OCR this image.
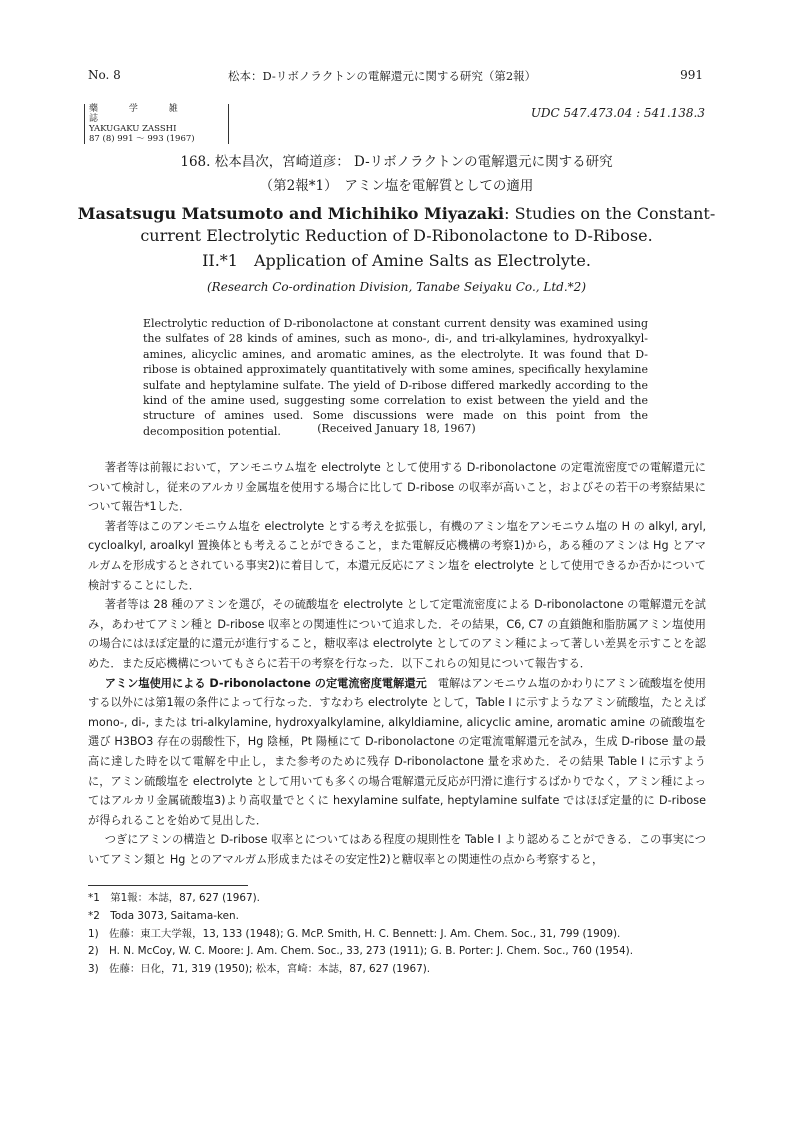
No. 8	松本：D-リボノラクトンの電解還元に関する研究（第2報）	991
藥 学 雑 誌
YAKUGAKU ZASSHI
87 (8) 991 ～ 993 (1967)
UDC 547.473.04 : 541.138.3
168. 松本昌次，宮崎道彦： D-リボノラクトンの電解還元に関する研究
（第2報*1）　アミン塩を電解質としての適用
Masatsugu Matsumoto and Michihiko Miyazaki: Studies on the Constant-
current Electrolytic Reduction of D-Ribonolactone to D-Ribose.
II.*1　Application of Amine Salts as Electrolyte.
(Research Co-ordination Division, Tanabe Seiyaku Co., Ltd.*2)
Electrolytic reduction of D-ribonolactone at constant current density was examined using the sulfates of 28 kinds of amines, such as mono-, di-, and tri-alkylamines, hydroxyalkyl-amines, alicyclic amines, and aromatic amines, as the electrolyte. It was found that D-ribose is obtained approximately quantitatively with some amines, specifically hexylamine sulfate and heptylamine sulfate. The yield of D-ribose differed markedly according to the kind of the amine used, suggesting some correlation to exist between the yield and the structure of amines used. Some discussions were made on this point from the decomposition potential.	(Received January 18, 1967)

著者等は前報において，アンモニウム塩を electrolyte として使用する D-ribonolactone の定電流密度での電解還元について検討し，従来のアルカリ金属塩を使用する場合に比して D-ribose の収率が高いこと，およびその若干の考察結果について報告*1した．

著者等はこのアンモニウム塩を electrolyte とする考えを拡張し，有機のアミン塩をアンモニウム塩の H の alkyl, aryl, cycloalkyl, aroalkyl 置換体とも考えることができること，また電解反応機構の考察1)から，ある種のアミンは Hg とアマルガムを形成するとされている事実2)に着目して，本還元反応にアミン塩を electrolyte として使用できるか否かについて検討することにした．

著者等は 28 種のアミンを選び，その硫酸塩を electrolyte として定電流密度による D-ribonolactone の電解還元を試み，あわせてアミン種と D-ribose 収率との関連性について追求した．その結果，C6, C7 の直鎖飽和脂肪属アミン塩使用の場合にはほぼ定量的に還元が進行すること，糖収率は electrolyte としてのアミン種によって著しい差異を示すことを認めた．また反応機構についてもさらに若干の考察を行なった．以下これらの知見について報告する．

アミン塩使用による D-ribonolactone の定電流密度電解還元　 電解はアンモニウム塩のかわりにアミン硫酸塩を使用する以外には第1報の条件によって行なった．すなわち electrolyte として，Table I に示すようなアミン硫酸塩，たとえば mono-, di-, または tri-alkylamine, hydroxyalkylamine, alkyldiamine, alicyclic amine, aromatic amine の硫酸塩を選び H3BO3 存在の弱酸性下，Hg 陰極，Pt 陽極にて D-ribonolactone の定電流電解還元を試み，生成 D-ribose 量の最高に達した時を以て電解を中止し，また参考のために残存 D-ribonolactone 量を求めた．その結果 Table I に示すように，アミン硫酸塩を electrolyte として用いても多くの場合電解還元反応が円滑に進行するばかりでなく，アミン種によってはアルカリ金属硫酸塩3)より高収量でとくに hexylamine sulfate, heptylamine sulfate ではほぼ定量的に D-ribose が得られることを始めて見出した．

つぎにアミンの構造と D-ribose 収率とについてはある程度の規則性を Table I より認めることができる．この事実についてアミン類と Hg とのアマルガム形成またはその安定性2)と糖収率との関連性の点から考察すると，

*1　第1報：本誌，87, 627 (1967).
*2　Toda 3073, Saitama-ken.
1)　佐藤：東工大学報，13, 133 (1948); G. McP. Smith, H. C. Bennett: J. Am. Chem. Soc., 31, 799 (1909).
2)　H. N. McCoy, W. C. Moore: J. Am. Chem. Soc., 33, 273 (1911); G. B. Porter: J. Chem. Soc., 760 (1954).
3)　佐藤：日化，71, 319 (1950); 松本，宮崎：本誌，87, 627 (1967).
